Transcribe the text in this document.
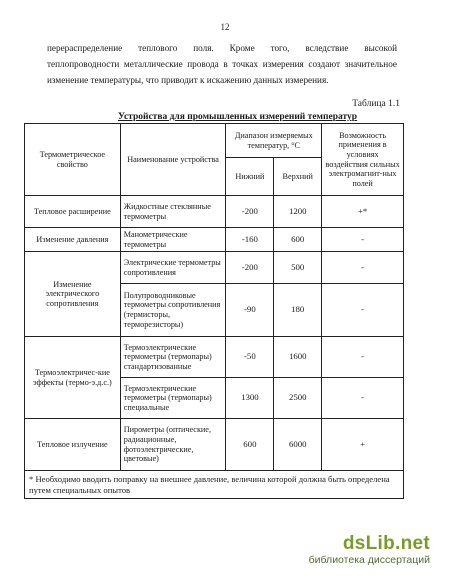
12
перераспределение теплового поля. Кроме того, вследствие высокой
теплопроводности металлические провода в точках измерения создают значительное
изменение температуры, что приводит к искажению данных измерения.
Таблица 1.1
Устройства для промышленных измерений температур
Термометрическое свойство	Наименование устройства	Диапазон измеряемых температур, °С		Возможность применения в условиях воздействия сильных электромагнит-ных полей
		Нижний	Верхний	
Тепловое расширение	Жидкостные стеклянные термометры	-200	1200	+*
Изменение давления	Манометрические термометры	-160	600	-
Изменение электрического сопротивления	Электрические термометры сопротивления	-200	500	-
	Полупроводниковые термометры сопротивления (термисторы, терморезисторы)	-90	180	-
Термоэлектричес-кие эффекты (термо-э.д.с.)	Термоэлектрические термометры (термопары) стандартизованные	-50	1600	-
	Термоэлектрические термометры (термопары) специальные	1300	2500	-
Тепловое излучение	Пирометры (оптические, радиационные, фотоэлектрические, цветовые)	600	6000	+
* Необходимо вводить поправку на внешнее давление, величина которой должна быть определена путем специальных опытов				
dsLib.net
библиотека диссертаций
